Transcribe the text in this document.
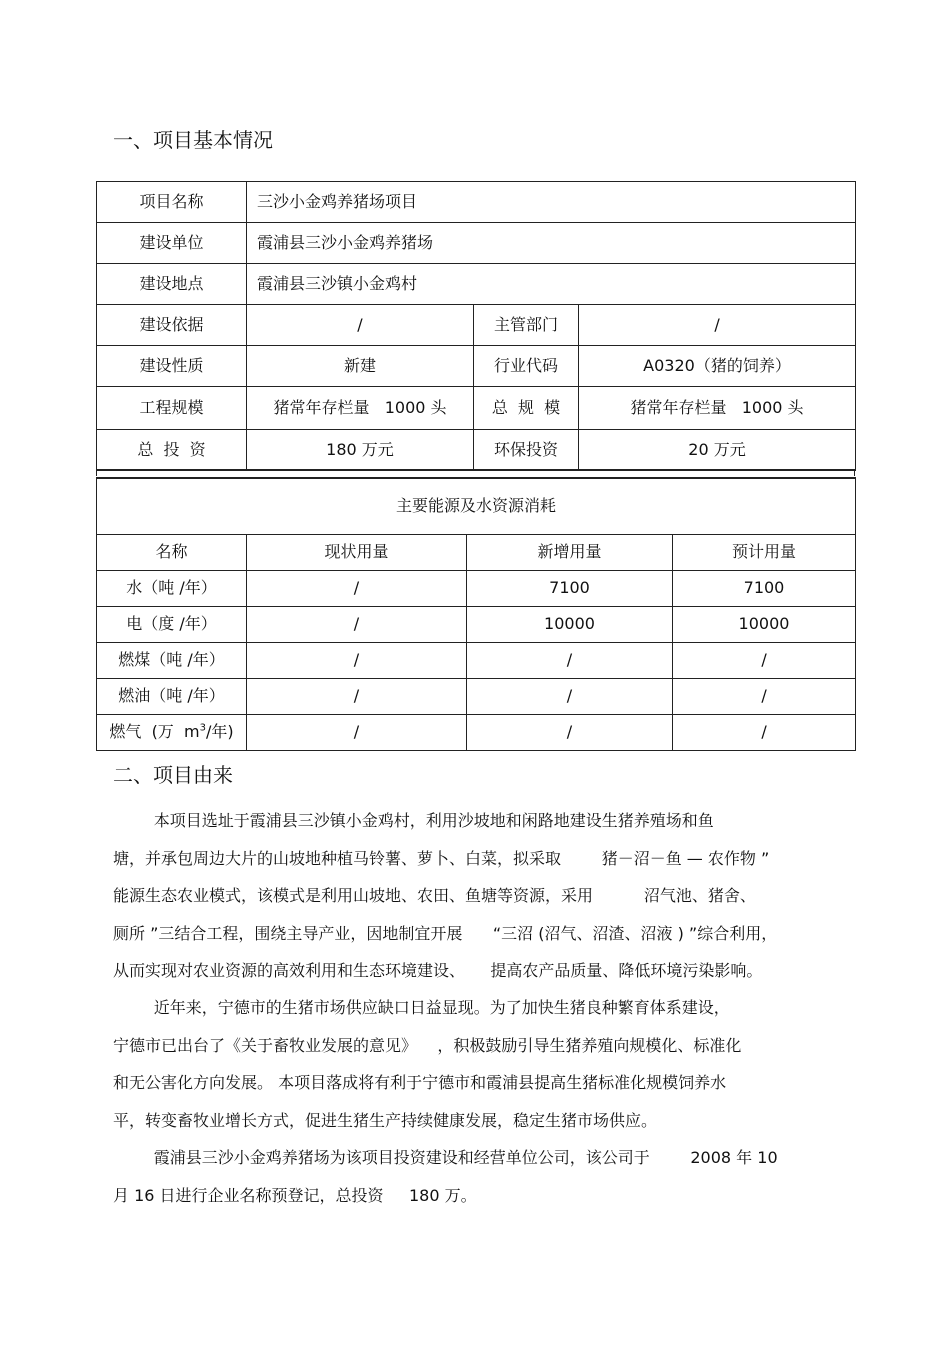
一、项目基本情况
项目名称	三沙小金鸡养猪场项目		
建设单位	霞浦县三沙小金鸡养猪场		
建设地点	霞浦县三沙镇小金鸡村		
建设依据	/	主管部门	/
建设性质	新建	行业代码	A0320（猪的饲养）
工程规模	猪常年存栏量   1000 头	总  规  模	猪常年存栏量   1000 头
总  投  资	180 万元	环保投资	20 万元
主要能源及水资源消耗			
名称	现状用量	新增用量	预计用量
水（吨 /年）	/	7100	7100
电（度 /年）	/	10000	10000
燃煤（吨 /年）	/	/	/
燃油（吨 /年）	/	/	/
燃气  (万  $m^3/$年)	/	/	/
二、项目由来
本项目选址于霞浦县三沙镇小金鸡村，利用沙坡地和闲路地建设生猪养殖场和鱼
塘，并承包周边大片的山坡地种植马铃薯、萝卜、白菜，拟采取        猪－沼－鱼 — 农作物 ”
能源生态农业模式，该模式是利用山坡地、农田、鱼塘等资源，采用          沼气池、猪舍、
厕所 ”三结合工程，围绕主导产业，因地制宜开展      “三沼 (沼气、沼渣、沼液 ) ”综合利用，
从而实现对农业资源的高效利用和生态环境建设、     提高农产品质量、降低环境污染影响。
近年来，宁德市的生猪市场供应缺口日益显现。为了加快生猪良种繁育体系建设，
宁德市已出台了《关于畜牧业发展的意见》    ，积极鼓励引导生猪养殖向规模化、标准化
和无公害化方向发展。 本项目落成将有利于宁德市和霞浦县提高生猪标准化规模饲养水
平，转变畜牧业增长方式，促进生猪生产持续健康发展，稳定生猪市场供应。
霞浦县三沙小金鸡养猪场为该项目投资建设和经营单位公司，该公司于        2008 年 10
月 16 日进行企业名称预登记，总投资     180 万。
